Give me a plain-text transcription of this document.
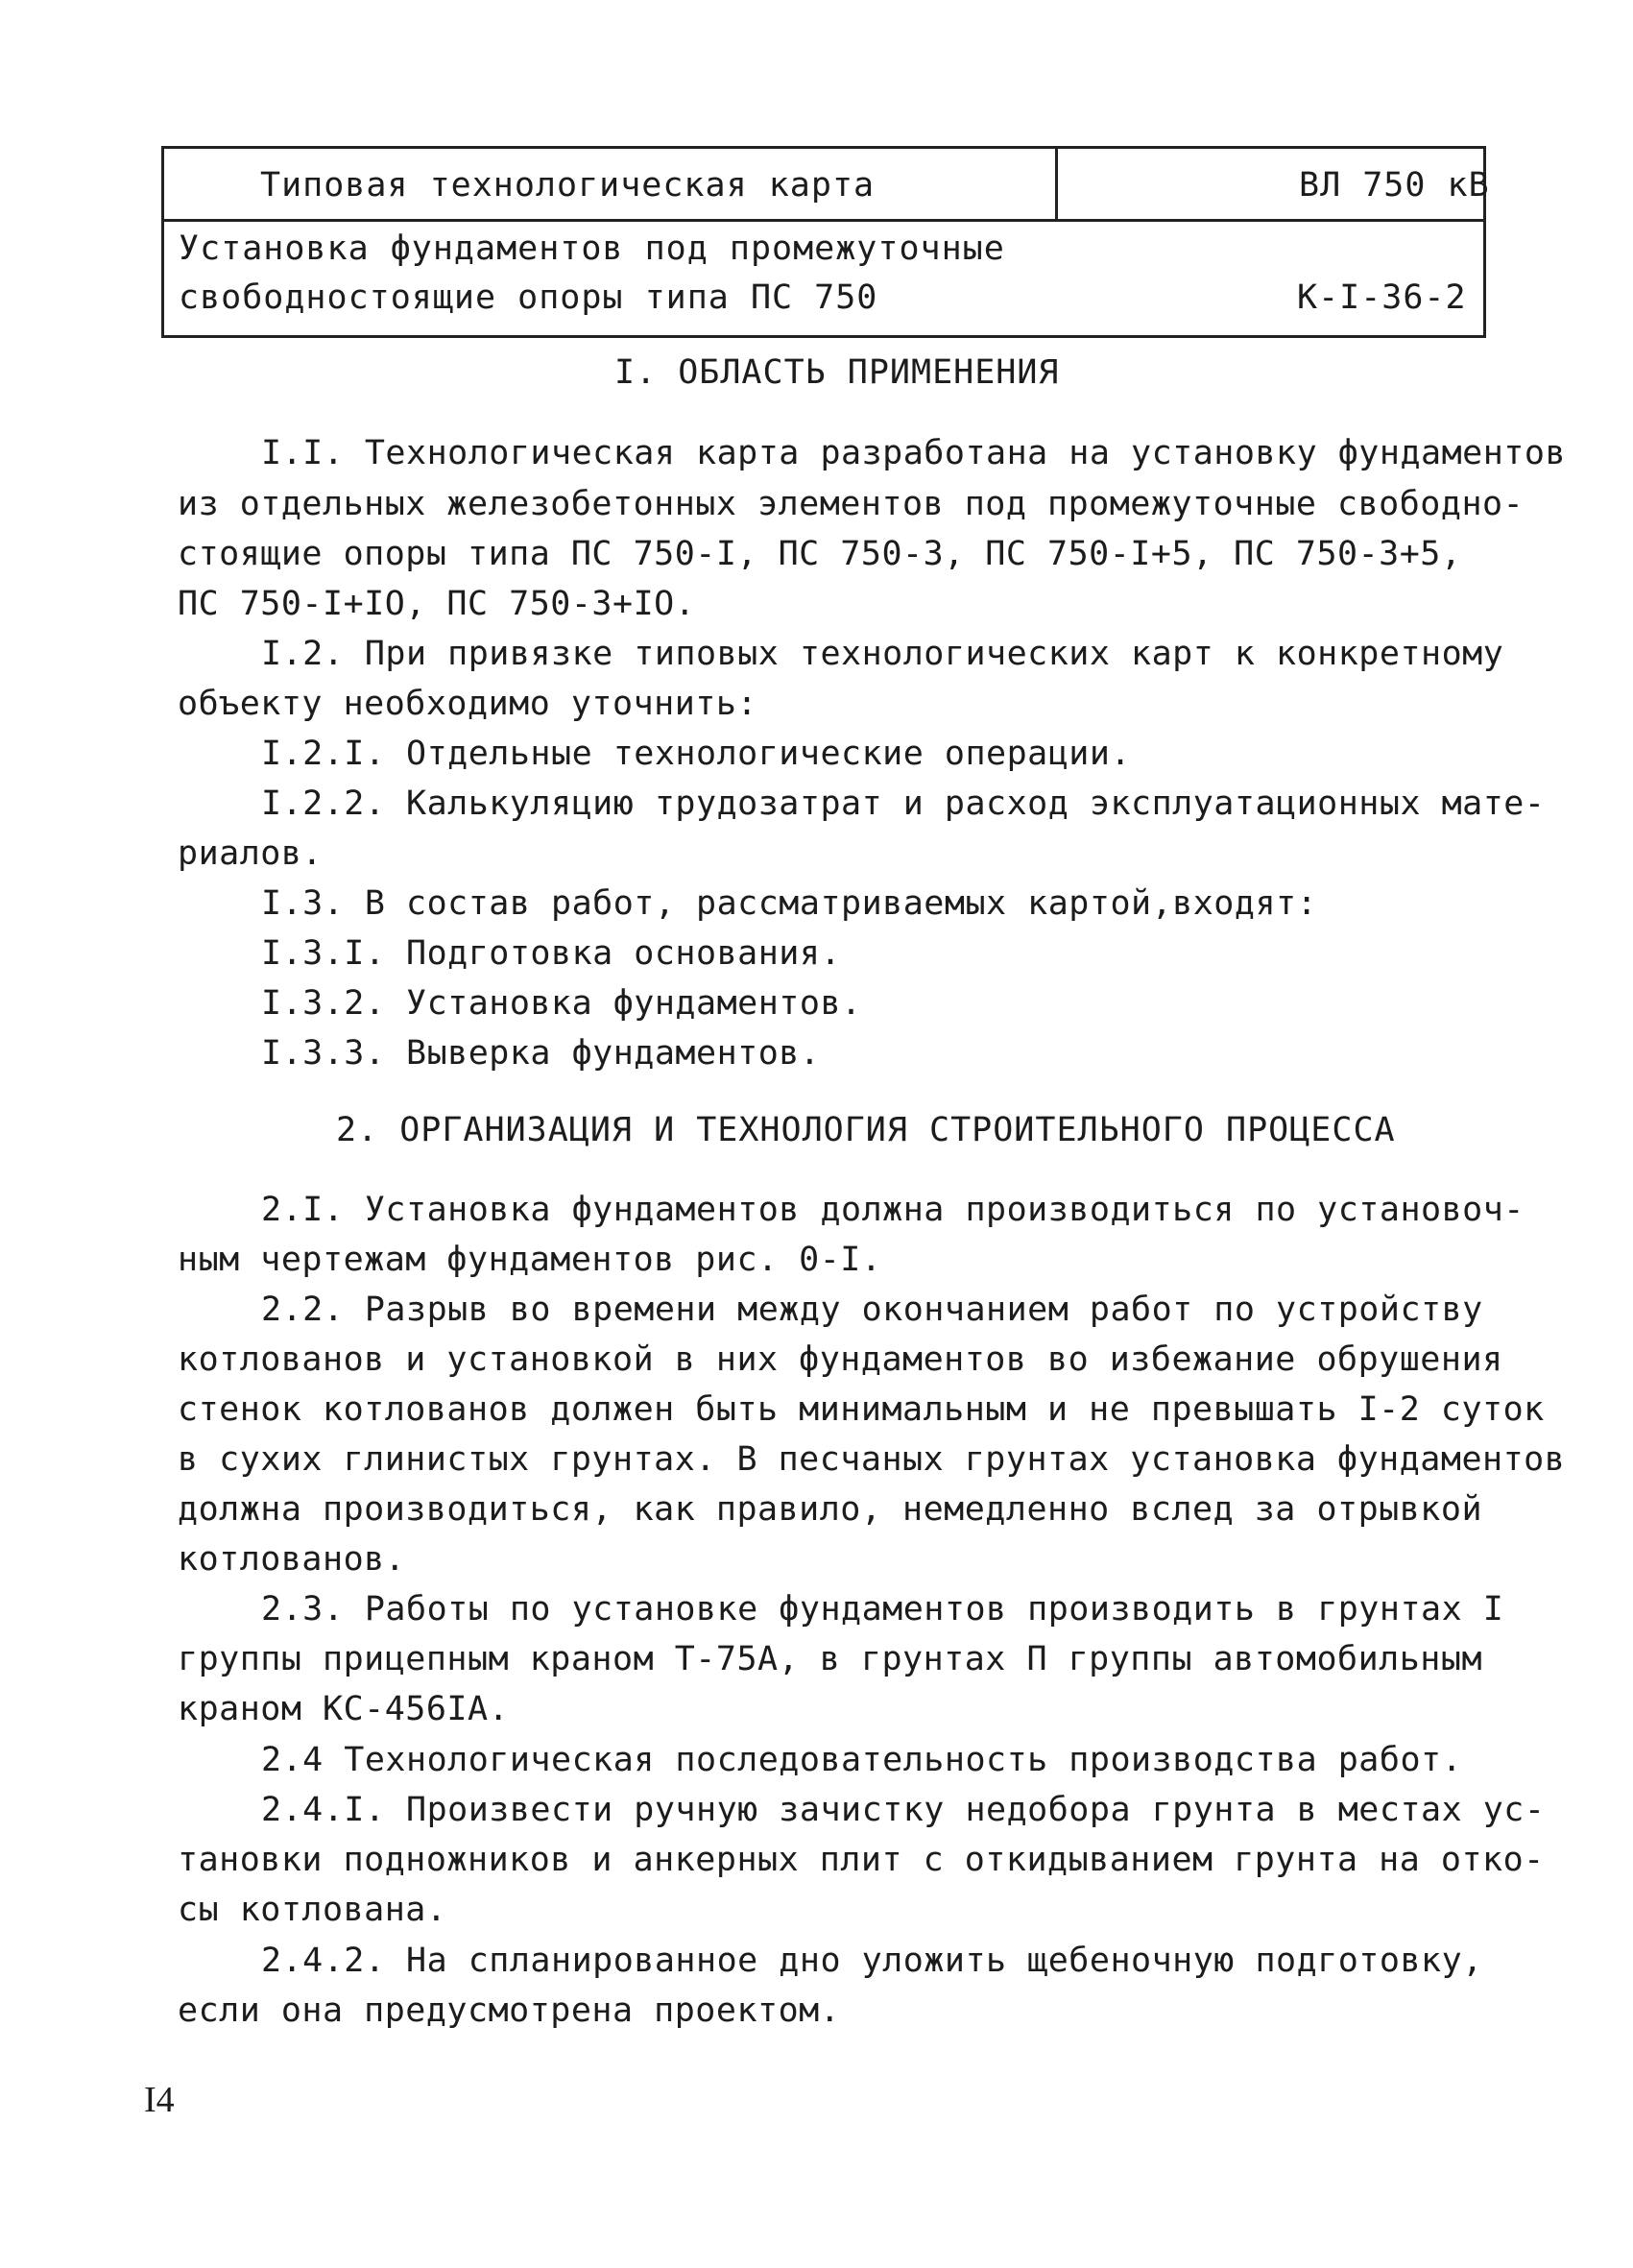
Типовая технологическая карта	ВЛ 750 кВ
Установка фундаментов под промежуточные
свободностоящие опоры типа ПС 750	К-I-36-2
I. ОБЛАСТЬ ПРИМЕНЕНИЯ
I.I. Технологическая карта разработана на установку фундаментов
из отдельных железобетонных элементов под промежуточные свободно-
стоящие опоры типа ПС 750-I, ПС 750-3, ПС 750-I+5, ПС 750-3+5,
ПС 750-I+IO, ПС 750-3+IO.
I.2. При привязке типовых технологических карт к конкретному
объекту необходимо уточнить:
I.2.I. Отдельные технологические операции.
I.2.2. Калькуляцию трудозатрат и расход эксплуатационных мате-
риалов.
I.3. В состав работ, рассматриваемых картой,входят:
I.3.I. Подготовка основания.
I.3.2. Установка фундаментов.
I.3.3. Выверка фундаментов.
2. ОРГАНИЗАЦИЯ И ТЕХНОЛОГИЯ СТРОИТЕЛЬНОГО ПРОЦЕССА
2.I. Установка фундаментов должна производиться по установоч-
ным чертежам фундаментов рис. 0-I.
2.2. Разрыв во времени между окончанием работ по устройству
котлованов и установкой в них фундаментов во избежание обрушения
стенок котлованов должен быть минимальным и не превышать I-2 суток
в сухих глинистых грунтах. В песчаных грунтах установка фундаментов
должна производиться, как правило, немедленно вслед за отрывкой
котлованов.
2.3. Работы по установке фундаментов производить в грунтах I
группы прицепным краном Т-75А, в грунтах П группы автомобильным
краном КС-456IА.
2.4 Технологическая последовательность производства работ.
2.4.I. Произвести ручную зачистку недобора грунта в местах ус-
тановки подножников и анкерных плит с откидыванием грунта на отко-
сы котлована.
2.4.2. На спланированное дно уложить щебеночную подготовку,
если она предусмотрена проектом.
I4
